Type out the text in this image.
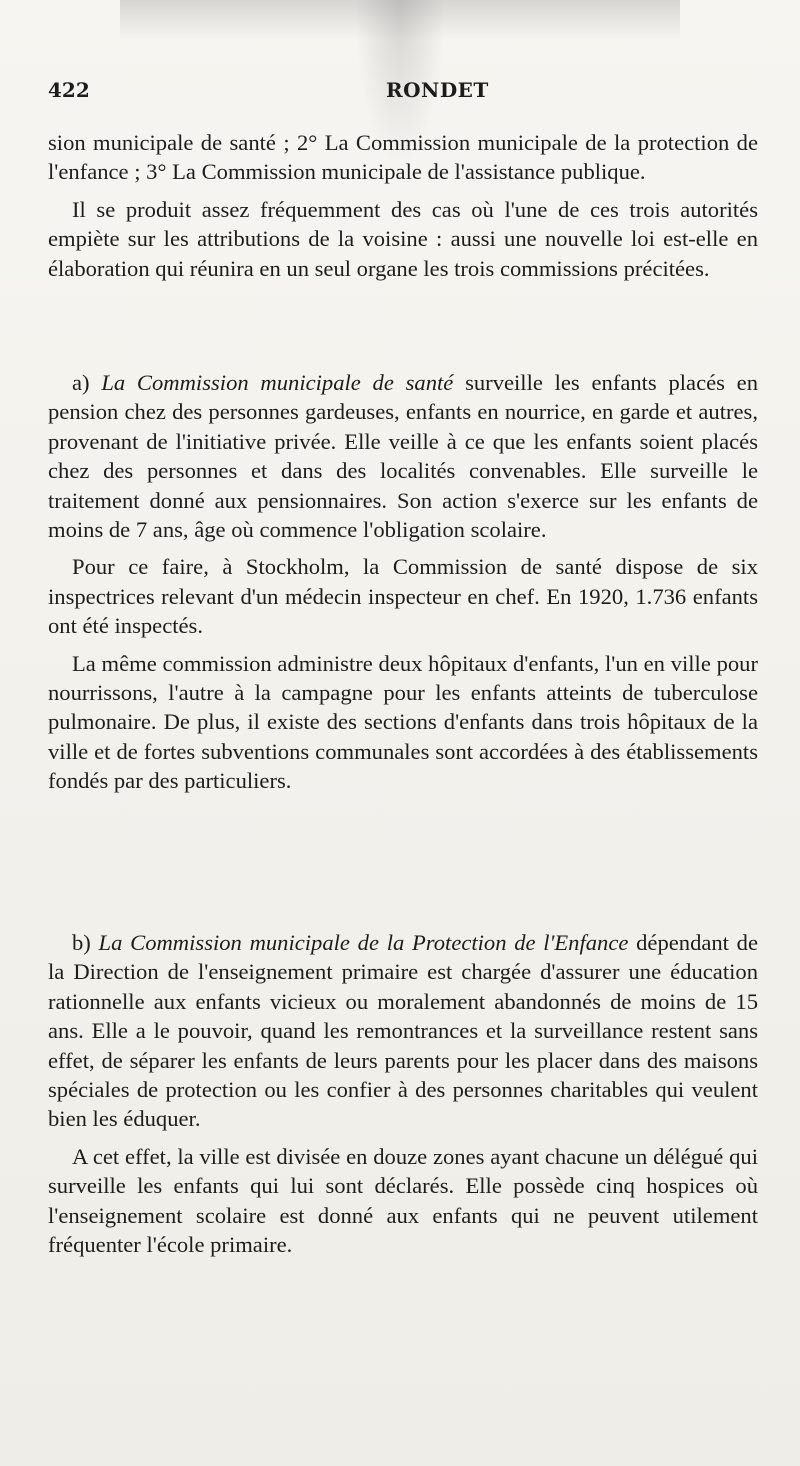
422	RONDET

sion municipale de santé ; 2° La Commission municipale de la protection de l'enfance ; 3° La Commission municipale de l'assistance publique.

Il se produit assez fréquemment des cas où l'une de ces trois autorités empiète sur les attributions de la voisine : aussi une nouvelle loi est-elle en élaboration qui réunira en un seul organe les trois commissions précitées.

a) La Commission municipale de santé surveille les enfants placés en pension chez des personnes gardeuses, enfants en nourrice, en garde et autres, provenant de l'initiative privée. Elle veille à ce que les enfants soient placés chez des personnes et dans des localités convenables. Elle surveille le traitement donné aux pensionnaires. Son action s'exerce sur les enfants de moins de 7 ans, âge où commence l'obligation scolaire.

Pour ce faire, à Stockholm, la Commission de santé dispose de six inspectrices relevant d'un médecin inspecteur en chef. En 1920, 1.736 enfants ont été inspectés.

La même commission administre deux hôpitaux d'enfants, l'un en ville pour nourrissons, l'autre à la campagne pour les enfants atteints de tuberculose pulmonaire. De plus, il existe des sections d'enfants dans trois hôpitaux de la ville et de fortes subventions communales sont accordées à des établissements fondés par des particuliers.

b) La Commission municipale de la Protection de l'Enfance dépendant de la Direction de l'enseignement primaire est chargée d'assurer une éducation rationnelle aux enfants vicieux ou moralement abandonnés de moins de 15 ans. Elle a le pouvoir, quand les remontrances et la surveillance restent sans effet, de séparer les enfants de leurs parents pour les placer dans des maisons spéciales de protection ou les confier à des personnes charitables qui veulent bien les éduquer.

A cet effet, la ville est divisée en douze zones ayant chacune un délégué qui surveille les enfants qui lui sont déclarés. Elle possède cinq hospices où l'enseignement scolaire est donné aux enfants qui ne peuvent utilement fréquenter l'école primaire.
